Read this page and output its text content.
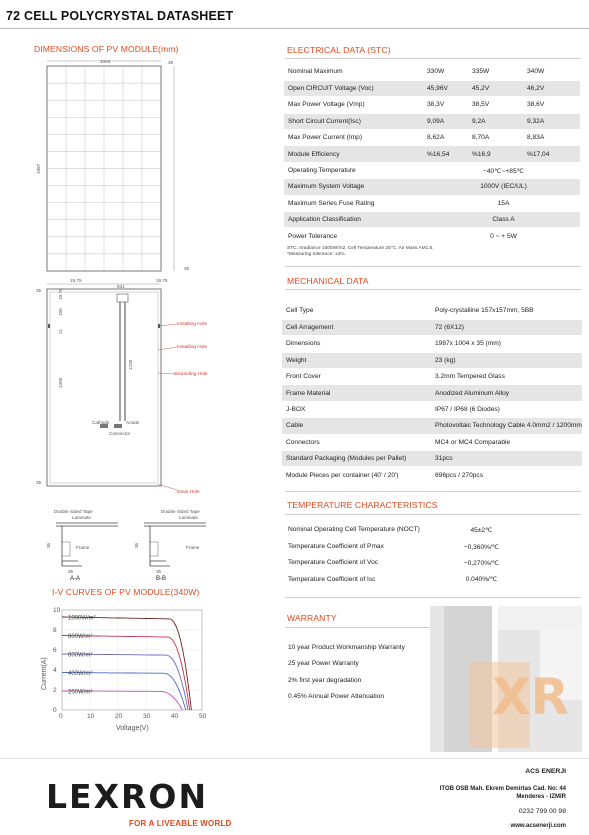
72 CELL POLYCRYSTAL DATASHEET
DIMENSIONS OF PV MODULE(mm)
I-V CURVES OF PV MODULE(340W)
1004	35
1987
35
19.75
931
19.75
35
195
19.75
21
1400
1200
Cathode	Anode
Connector
Installing Hole
Installing Hole
Grounding Hole
Drain Hole
35
Double Sided Tape
Laminate
Frame
35
35
A-A
Double Sided Tape
Laminate
Frame
35
35
B-B
1000W/m²
800W/m²
600W/m²
400W/m²
200W/m²
0	10	20	30	40	50
10
8
6
4
2
0
Current(A)
Voltage(V)
ELECTRICAL DATA (STC)
Nominal Maximum	330W	335W	340W
Open CIRCUIT Voltage (Voc)	45,96V	45,2V	46,2V
Max Power Voltage (Vmp)	38,3V	38,5V	38,6V
Short Circuit Current(Isc)	9,09A	9,2A	9,32A
Max Power Current (Imp)	8,62A	8,70A	8,83A
Module Efficiency	%16,54	%16,9	%17,04
Operating Temperature	−40℃~+85℃		
Maximum System Voltage	1000V (IEC/UL)		
Maximum Series Fuse Rating	15A		
Application Classification	Class A		
Power Tolerance	0 ~ + 5W		
STC: Irradiance 1000W/m2, Cell Temperature 25°C, Air Mass AM1.5.
*Measuring tolerance: ±3%.
MECHANICAL DATA
Cell Type	Poly-crystalline 157x157mm, 5BB
Cell Arragement	72 (6X12)
Dimensions	1987x 1004 x 35 (mm)
Weight	23 (kg)
Front Cover	3.2mm Tempered Glass
Frame Material	Anodized Aluminum Alloy
J-BOX	IP67 / IP68 (6 Diodes)
Cable	Photovoltaic Technology Cable 4.0mm2 / 1200mm
Connectors	MC4 or MC4 Comparable
Standard Packaging (Modules per Pallet)	31pcs
Module Pieces per container (40' / 20')	696pcs / 270pcs
TEMPERATURE CHARACTERISTICS
Nominal Operating Cell Temperature (NOCT)	45±2℃
Temperature Coefficient of Pmax	−0,360%/℃
Temperature Coefficient of Voc	−0,270%/℃
Temperature Coefficient of Isc	0.040%/℃
WARRANTY
10 year Product Workmanship Warranty
25 year Power Warranty
2% first year degradation
0.45% Annual Power Attenuation	XR
LEXRON
FOR A LIVEABLE WORLD
ACS ENERJI
ITOB OSB Mah. Ekrem Demirtas Cad. No: 44
Menderes - IZMIR
0232 799 00 98
www.acsenerji.com
